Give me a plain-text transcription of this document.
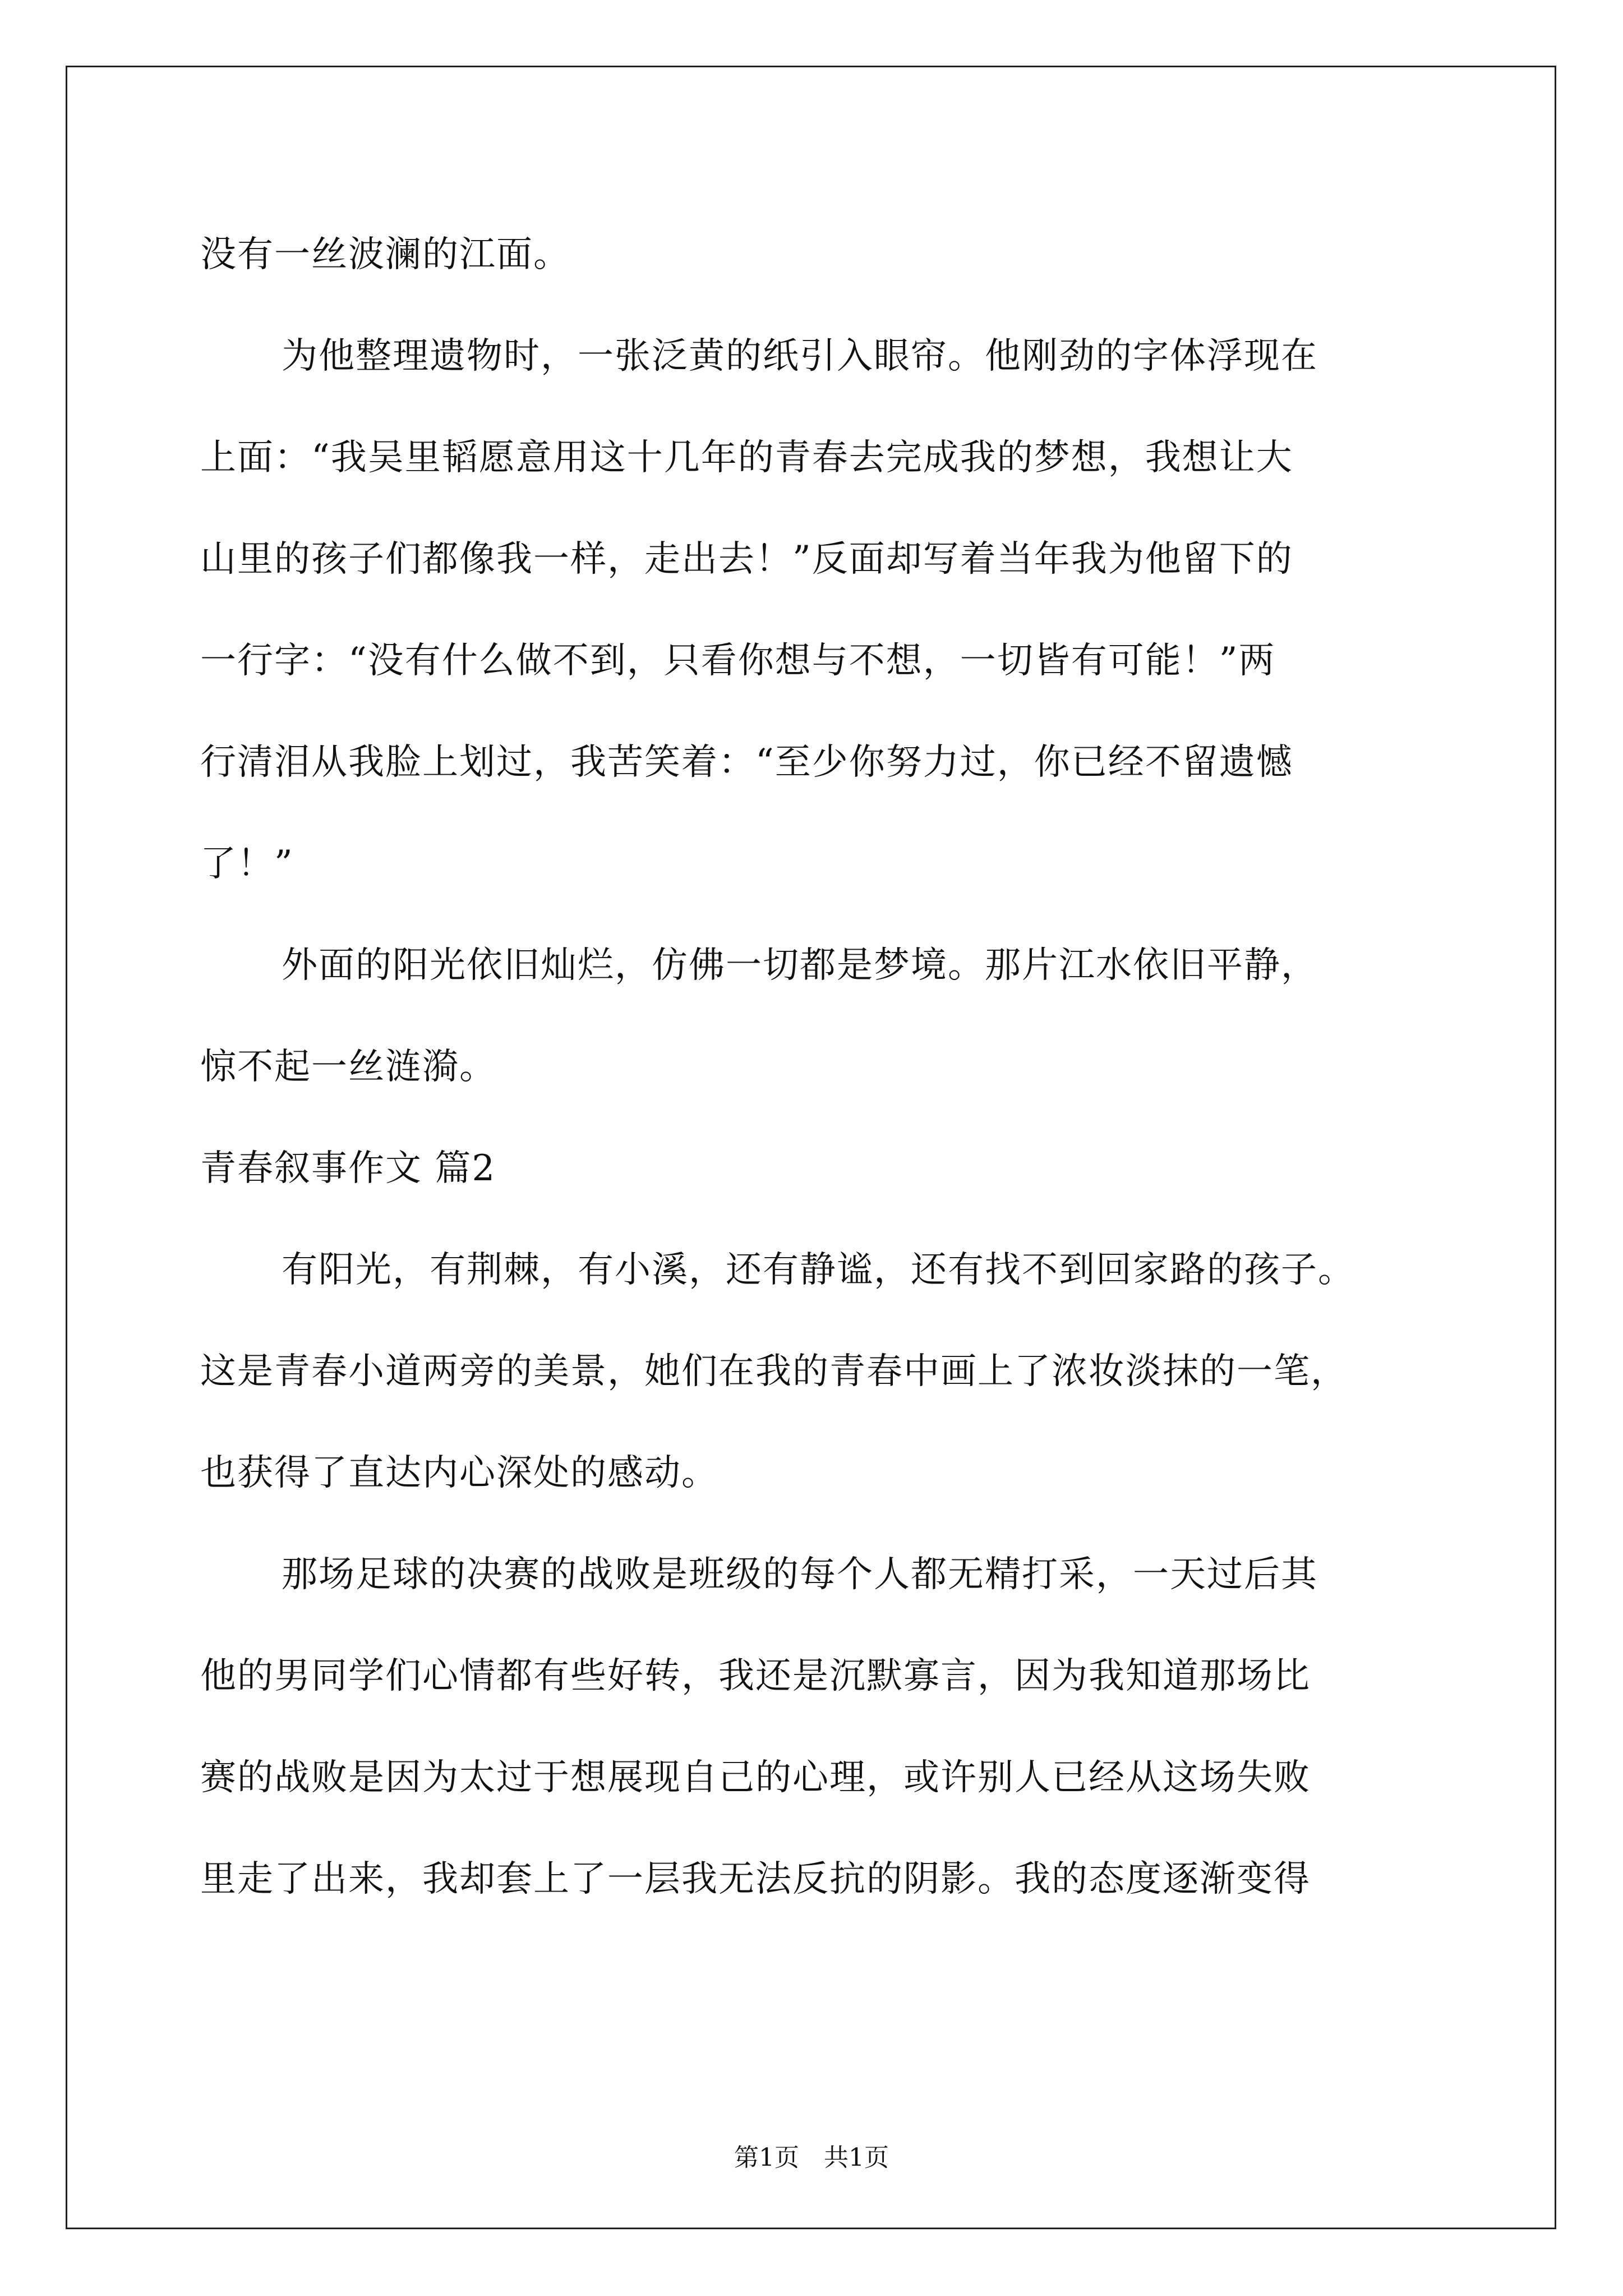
没有一丝波澜的江面。

为他整理遗物时，一张泛黄的纸引入眼帘。他刚劲的字体浮现在

上面：“我吴里韬愿意用这十几年的青春去完成我的梦想，我想让大

山里的孩子们都像我一样，走出去！”反面却写着当年我为他留下的

一行字：“没有什么做不到，只看你想与不想，一切皆有可能！”两

行清泪从我脸上划过，我苦笑着：“至少你努力过，你已经不留遗憾

了！”

外面的阳光依旧灿烂，仿佛一切都是梦境。那片江水依旧平静，

惊不起一丝涟漪。

青春叙事作文 篇2

有阳光，有荆棘，有小溪，还有静谧，还有找不到回家路的孩子。

这是青春小道两旁的美景，她们在我的青春中画上了浓妆淡抹的一笔，

也获得了直达内心深处的感动。

那场足球的决赛的战败是班级的每个人都无精打采，一天过后其

他的男同学们心情都有些好转，我还是沉默寡言，因为我知道那场比

赛的战败是因为太过于想展现自己的心理，或许别人已经从这场失败

里走了出来，我却套上了一层我无法反抗的阴影。我的态度逐渐变得

第1页 共1页
